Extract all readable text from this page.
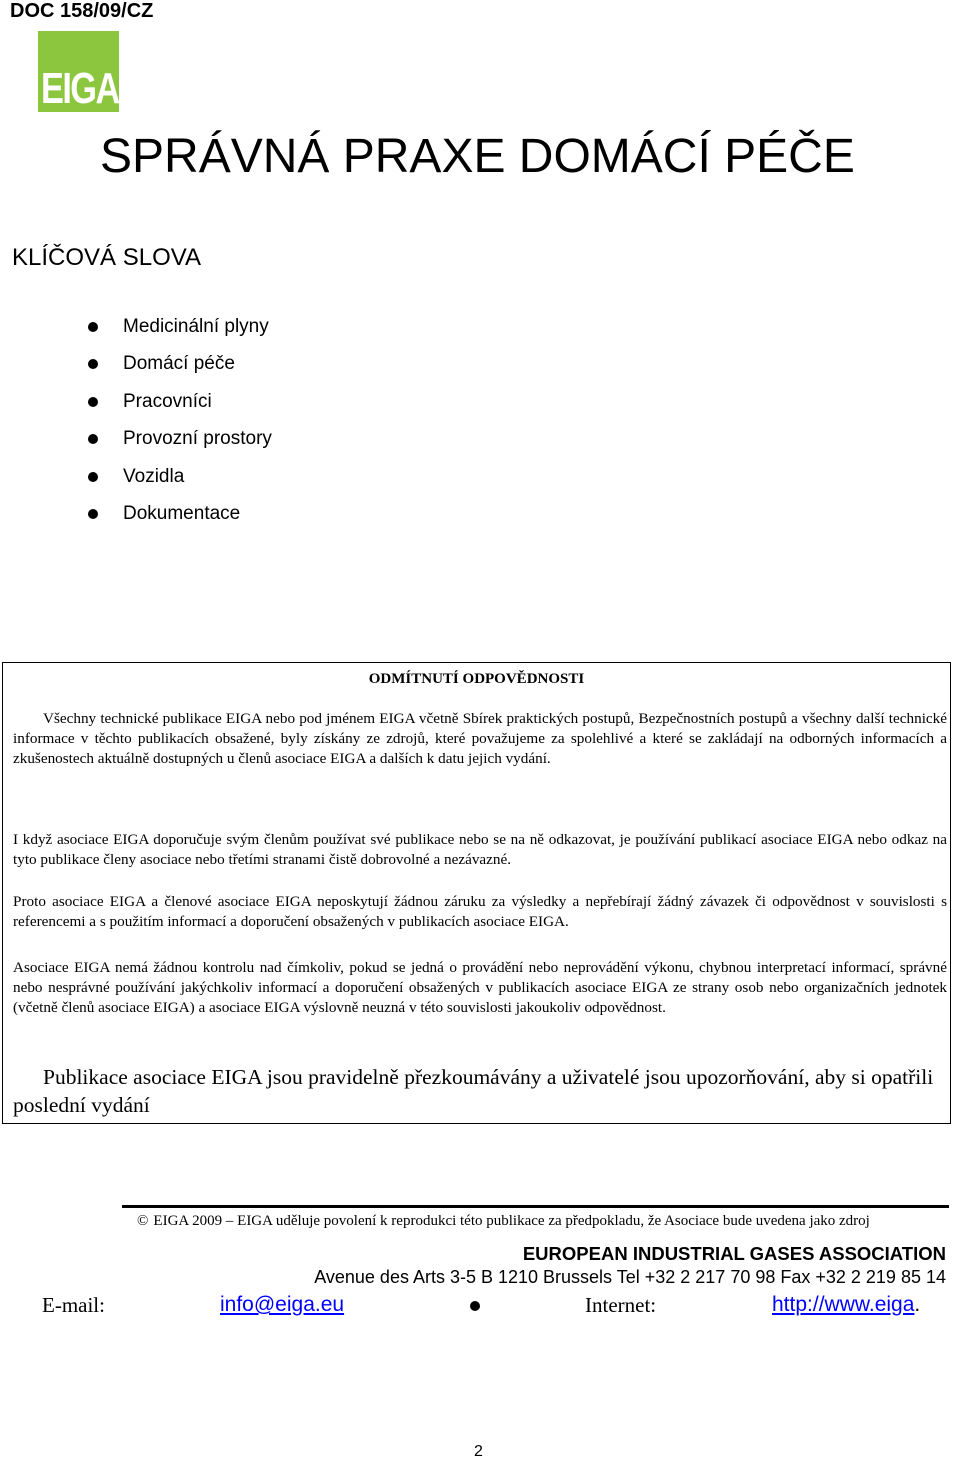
DOC 158/09/CZ
EIGA
SPRÁVNÁ PRAXE DOMÁCÍ PÉČE
KLÍČOVÁ SLOVA
Medicinální plyny
Domácí péče
Pracovníci
Provozní prostory
Vozidla
Dokumentace
ODMÍTNUTÍ ODPOVĚDNOSTI
Všechny technické publikace EIGA nebo pod jménem EIGA včetně Sbírek praktických postupů, Bezpečnostních postupů a všechny další technické informace v těchto publikacích obsažené, byly získány ze zdrojů, které považujeme za spolehlivé a které se zakládají na odborných informacích a zkušenostech aktuálně dostupných u členů asociace EIGA a dalších k datu jejich vydání.
I když asociace EIGA doporučuje svým členům používat své publikace nebo se na ně odkazovat, je používání publikací asociace EIGA nebo odkaz na tyto publikace členy asociace nebo třetími stranami čistě dobrovolné a nezávazné.
Proto asociace EIGA a členové asociace EIGA neposkytují žádnou záruku za výsledky a nepřebírají žádný závazek či odpovědnost v souvislosti s referencemi a s použitím informací a doporučení obsažených v publikacích asociace EIGA.
Asociace EIGA nemá žádnou kontrolu nad čímkoliv, pokud se jedná o provádění nebo neprovádění výkonu, chybnou interpretací informací, správné nebo nesprávné používání jakýchkoliv informací a doporučení obsažených v publikacích asociace EIGA ze strany osob nebo organizačních jednotek (včetně členů asociace EIGA) a asociace EIGA výslovně neuzná v této souvislosti jakoukoliv odpovědnost.
Publikace asociace EIGA jsou pravidelně přezkoumávány a uživatelé jsou upozorňování, aby si opatřili poslední vydání
© EIGA 2009 – EIGA uděluje povolení k reprodukci této publikace za předpokladu, že Asociace bude uvedena jako zdroj
EUROPEAN INDUSTRIAL GASES ASSOCIATION
Avenue des Arts 3-5 B 1210 Brussels Tel +32 2 217 70 98 Fax +32 2 219 85 14
E-mail:	info@eiga.eu	Internet:	http://www.eiga.
2
